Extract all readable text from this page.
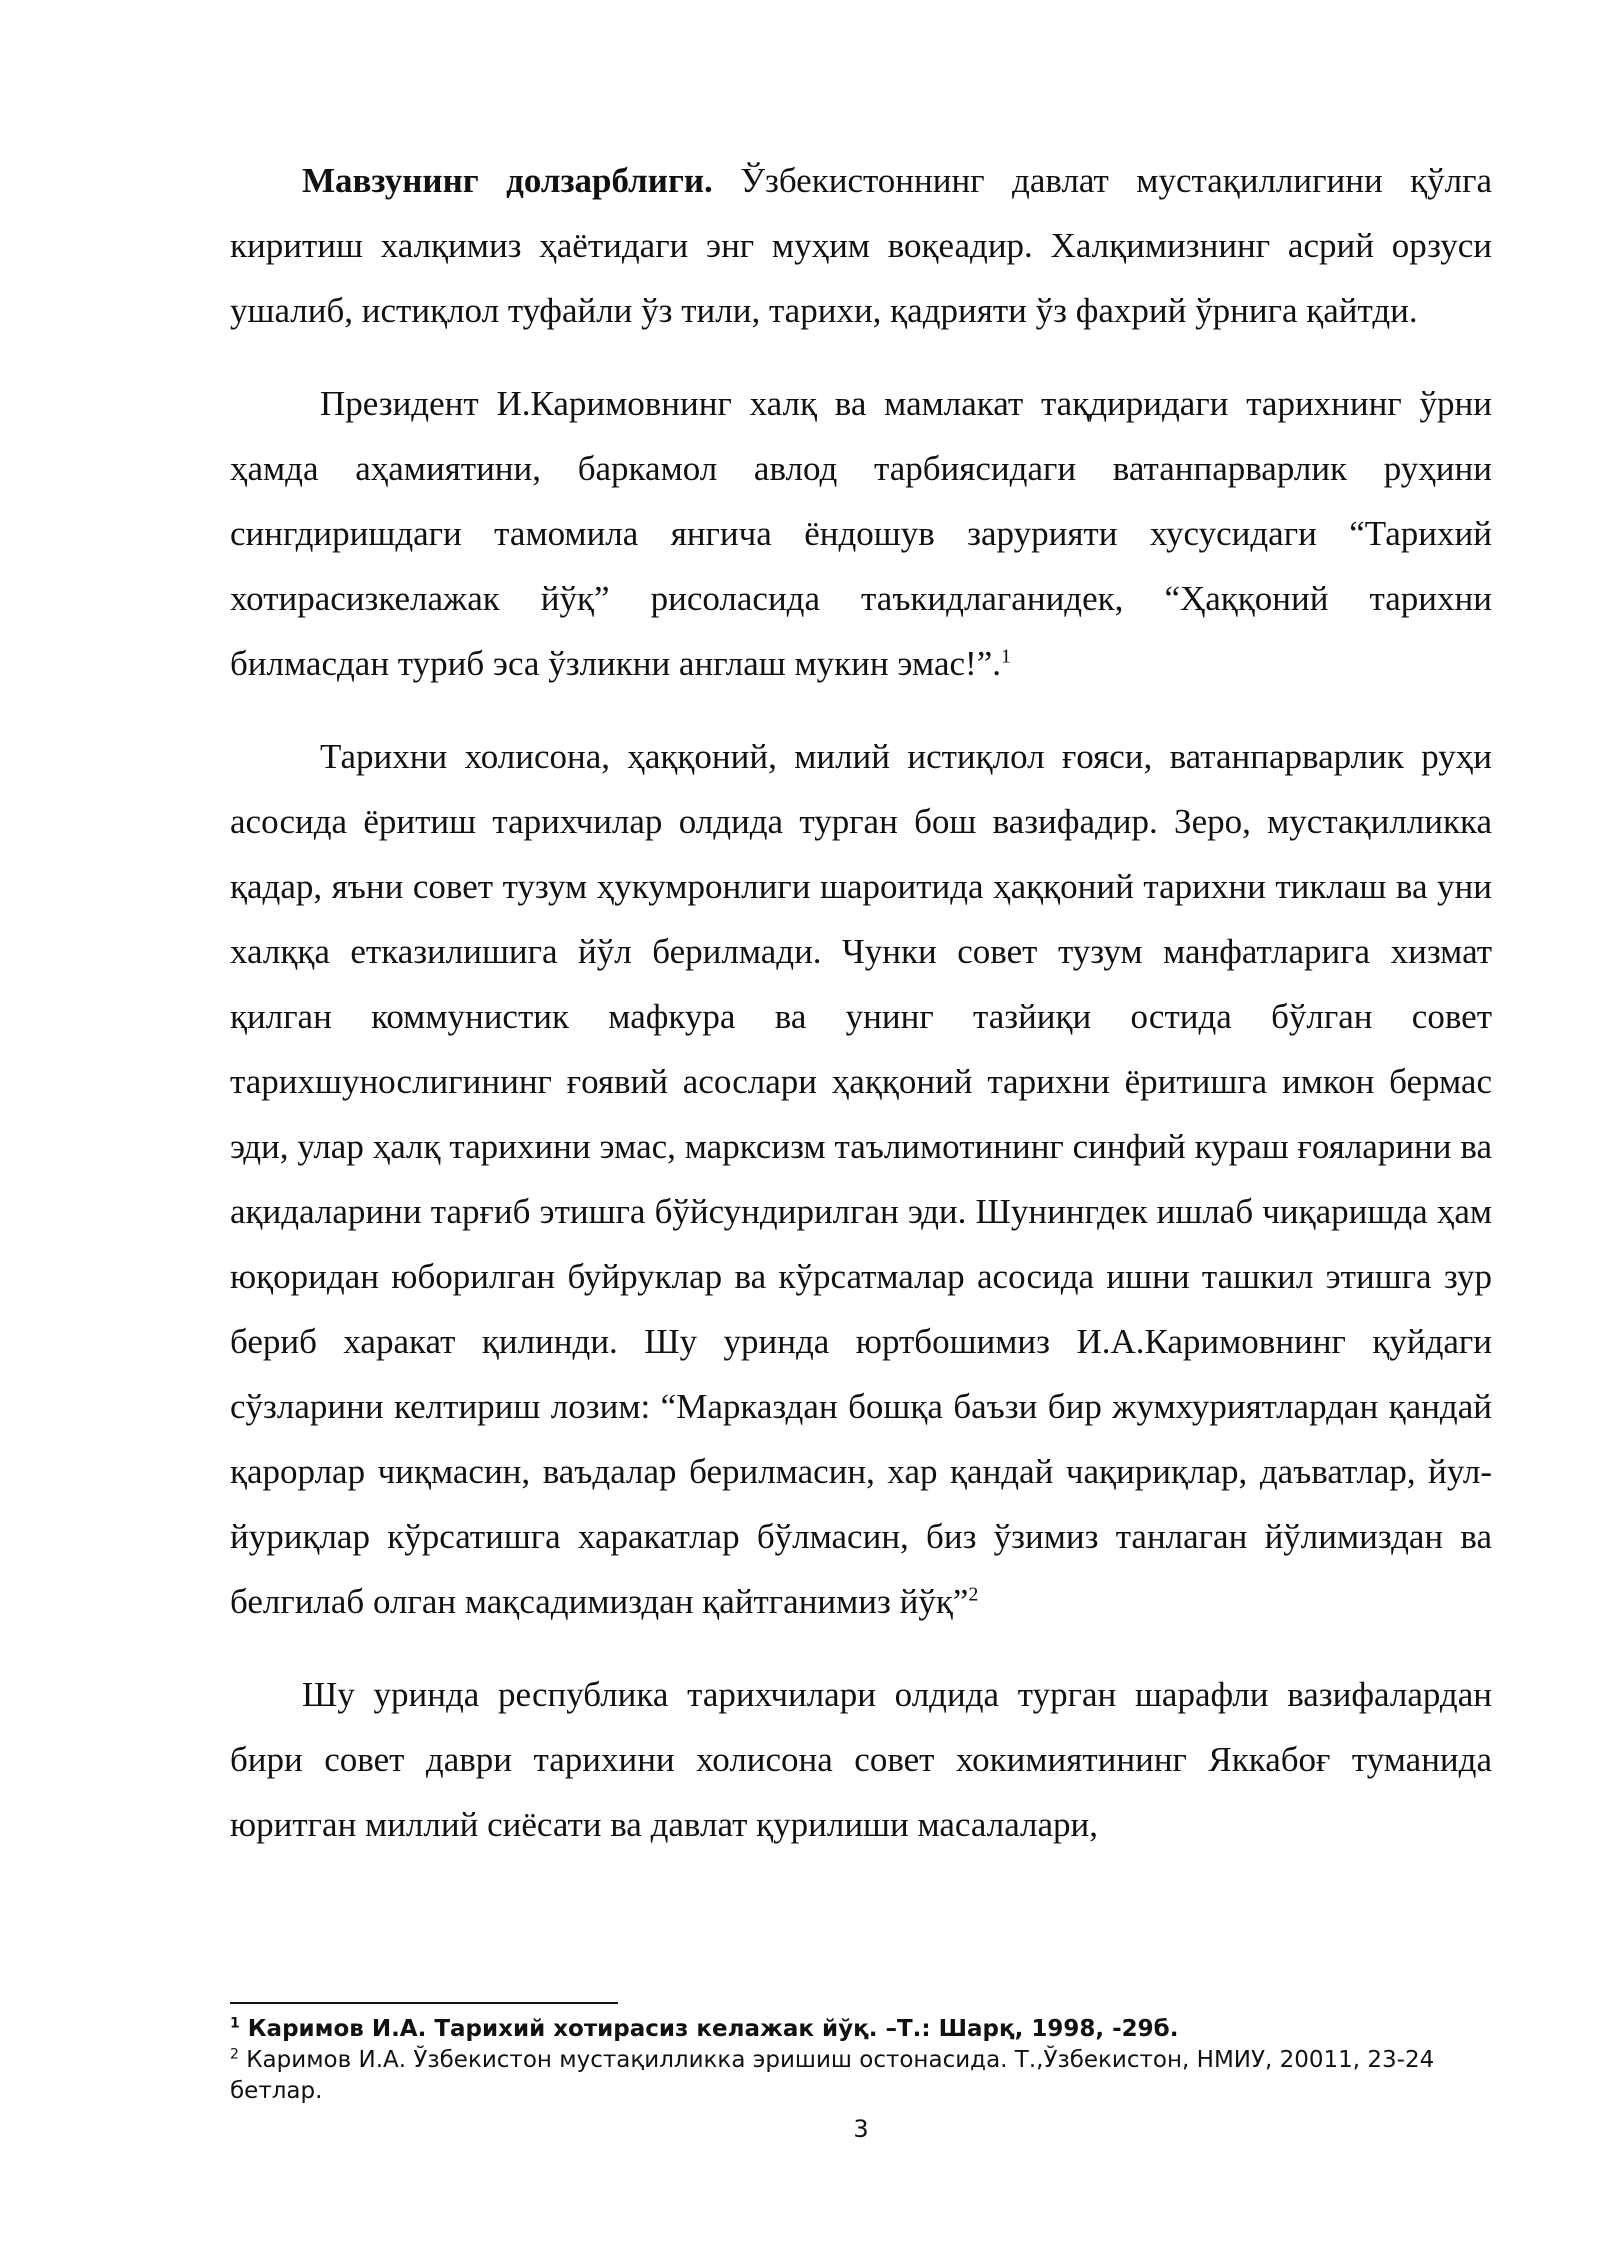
Мавзунинг долзарблиги. Ўзбекистоннинг давлат мустақиллигини қўлга киритиш халқимиз ҳаётидаги энг муҳим воқеадир. Халқимизнинг асрий орзуси ушалиб, истиқлол туфайли ўз тили, тарихи, қадрияти ўз фахрий ўрнига қайтди.

Президент И.Каримовнинг халқ ва мамлакат тақдиридаги тарихнинг ўрни ҳамда аҳамиятини, баркамол авлод тарбиясидаги ватанпарварлик руҳини сингдиришдаги тамомила янгича ёндошув зарурияти хусусидаги “Тарихий хотирасизкелажак йўқ” рисоласида таъкидлаганидек, “Ҳаққоний тарихни билмасдан туриб эса ўзликни англаш мукин эмас!”.$^1$

Тарихни холисона, ҳаққоний, милий истиқлол ғояси, ватанпарварлик руҳи асосида ёритиш тарихчилар олдида турган бош вазифадир. Зеро, мустақилликка қадар, яъни совет тузум ҳукумронлиги шароитида ҳаққоний тарихни тиклаш ва уни халққа етказилишига йўл берилмади. Чунки совет тузум манфатларига хизмат қилган коммунистик мафкура ва унинг тазйиқи остида бўлган совет тарихшунослигининг ғоявий асослари ҳаққоний тарихни ёритишга имкон бермас эди, улар ҳалқ тарихини эмас, марксизм таълимотининг синфий кураш ғояларини ва ақидаларини тарғиб этишга бўйсундирилган эди. Шунингдек ишлаб чиқаришда ҳам юқоридан юборилган буйруклар ва кўрсатмалар асосида ишни ташкил этишга зур бериб харакат қилинди. Шу уринда юртбошимиз И.А.Каримовнинг қуйдаги сўзларини келтириш лозим: “Марказдан бошқа баъзи бир жумхуриятлардан қандай қарорлар чиқмасин, ваъдалар берилмасин, хар қандай чақириқлар, даъватлар, йул-йуриқлар кўрсатишга харакатлар бўлмасин, биз ўзимиз танлаган йўлимиздан ва белгилаб олган мақсадимиздан қайтганимиз йўқ”$^2$

Шу уринда республика тарихчилари олдида турган шарафли вазифалардан бири совет даври тарихини холисона совет хокимиятининг Яккабоғ туманида юритган миллий сиёсати ва давлат қурилиши масалалари,

$^1$ Каримов И.А. Тарихий хотирасиз келажак йўқ. –Т.: Шарқ, 1998, -29б.

$^2$ Каримов И.А. Ўзбекистон мустақилликка эришиш остонасида. Т.,Ўзбекистон, НМИУ, 20011, 23-24 бетлар.

3
